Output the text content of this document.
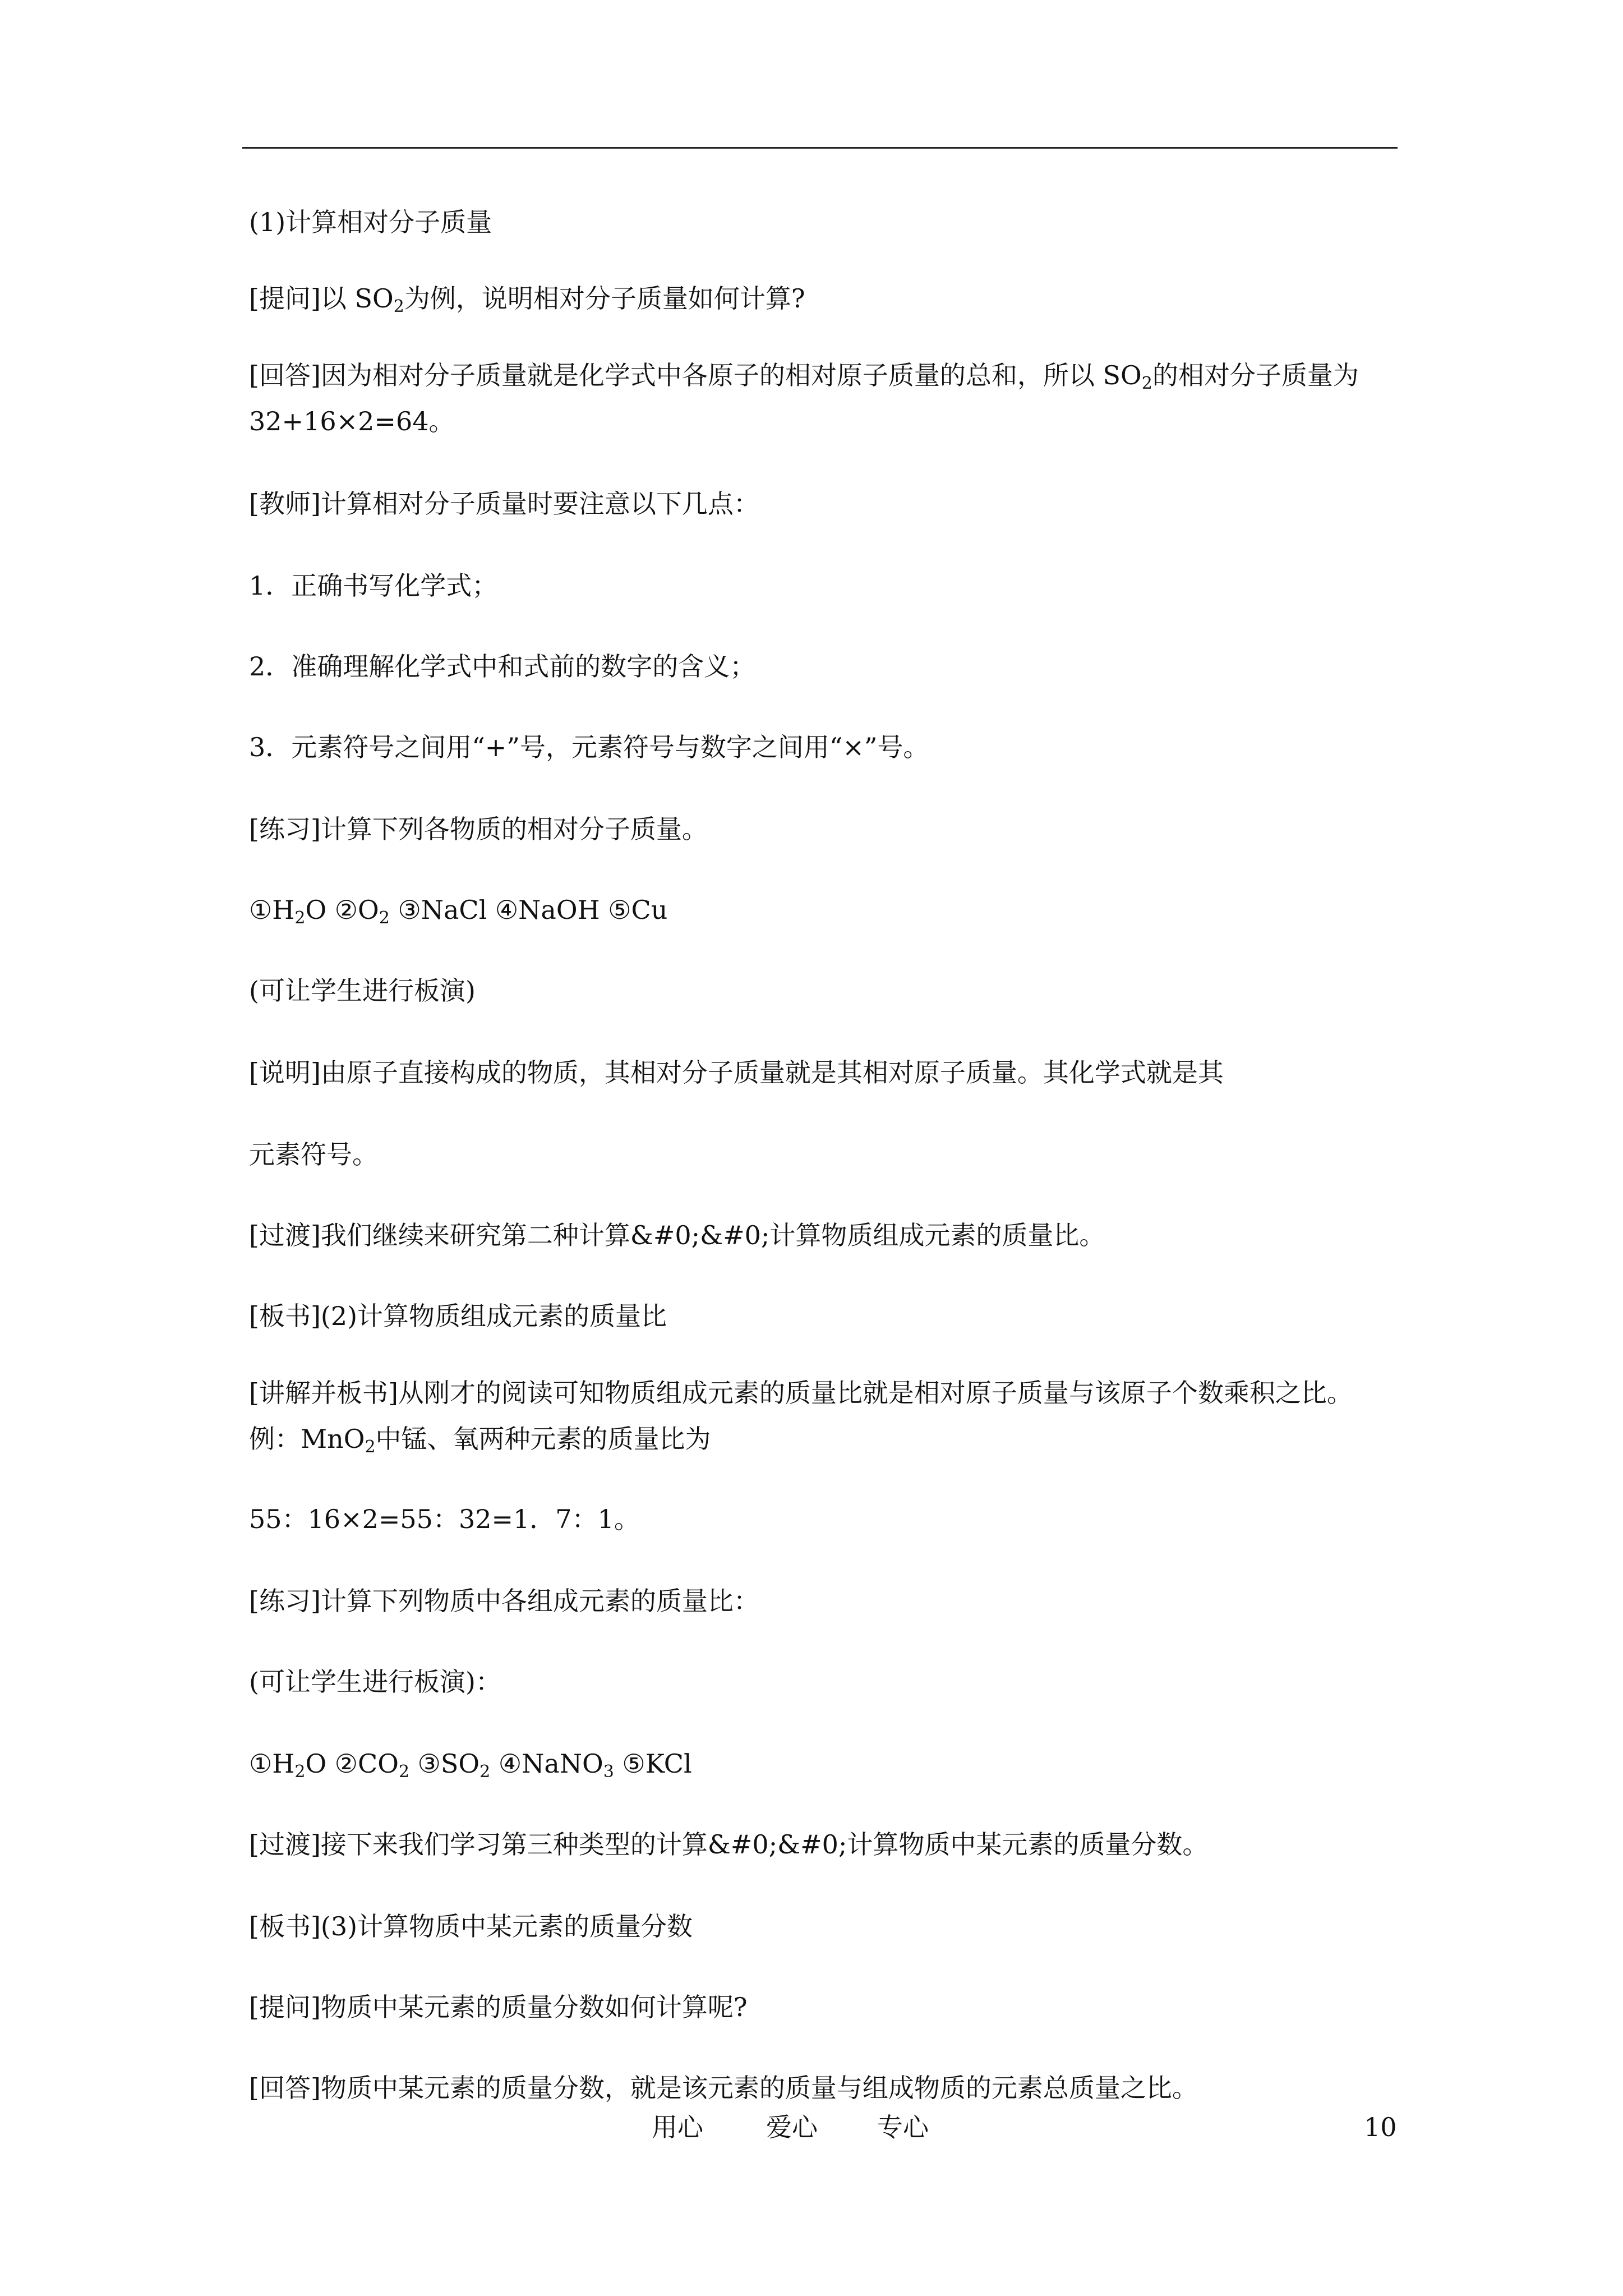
(1)计算相对分子质量
[提问]以 $SO_2$为例，说明相对分子质量如何计算?
[回答]因为相对分子质量就是化学式中各原子的相对原子质量的总和，所以 $SO_2$的相对分子质量为 32+16×2=64。
[教师]计算相对分子质量时要注意以下几点：
1．正确书写化学式；
2．准确理解化学式中和式前的数字的含义；
3．元素符号之间用“+”号，元素符号与数字之间用“×”号。
[练习]计算下列各物质的相对分子质量。
$①H_2O$ $②O_2$ ③NaCl ④NaOH ⑤Cu
(可让学生进行板演)
[说明]由原子直接构成的物质，其相对分子质量就是其相对原子质量。其化学式就是其
元素符号。
[过渡]我们继续来研究第二种计算&#0;&#0;计算物质组成元素的质量比。
[板书](2)计算物质组成元素的质量比
[讲解并板书]从刚才的阅读可知物质组成元素的质量比就是相对原子质量与该原子个数乘积之比。例：MnO$_2$中锰、氧两种元素的质量比为
55：16×2=55：32=1．7：1。
[练习]计算下列物质中各组成元素的质量比：
(可让学生进行板演)：
$①H_2O$ $②CO_2$ $③SO_2$ ④NaNO$_3$ ⑤KCl
[过渡]接下来我们学习第三种类型的计算&#0;&#0;计算物质中某元素的质量分数。
[板书](3)计算物质中某元素的质量分数
[提问]物质中某元素的质量分数如何计算呢?
[回答]物质中某元素的质量分数，就是该元素的质量与组成物质的元素总质量之比。
用心 爱心 专心	10
